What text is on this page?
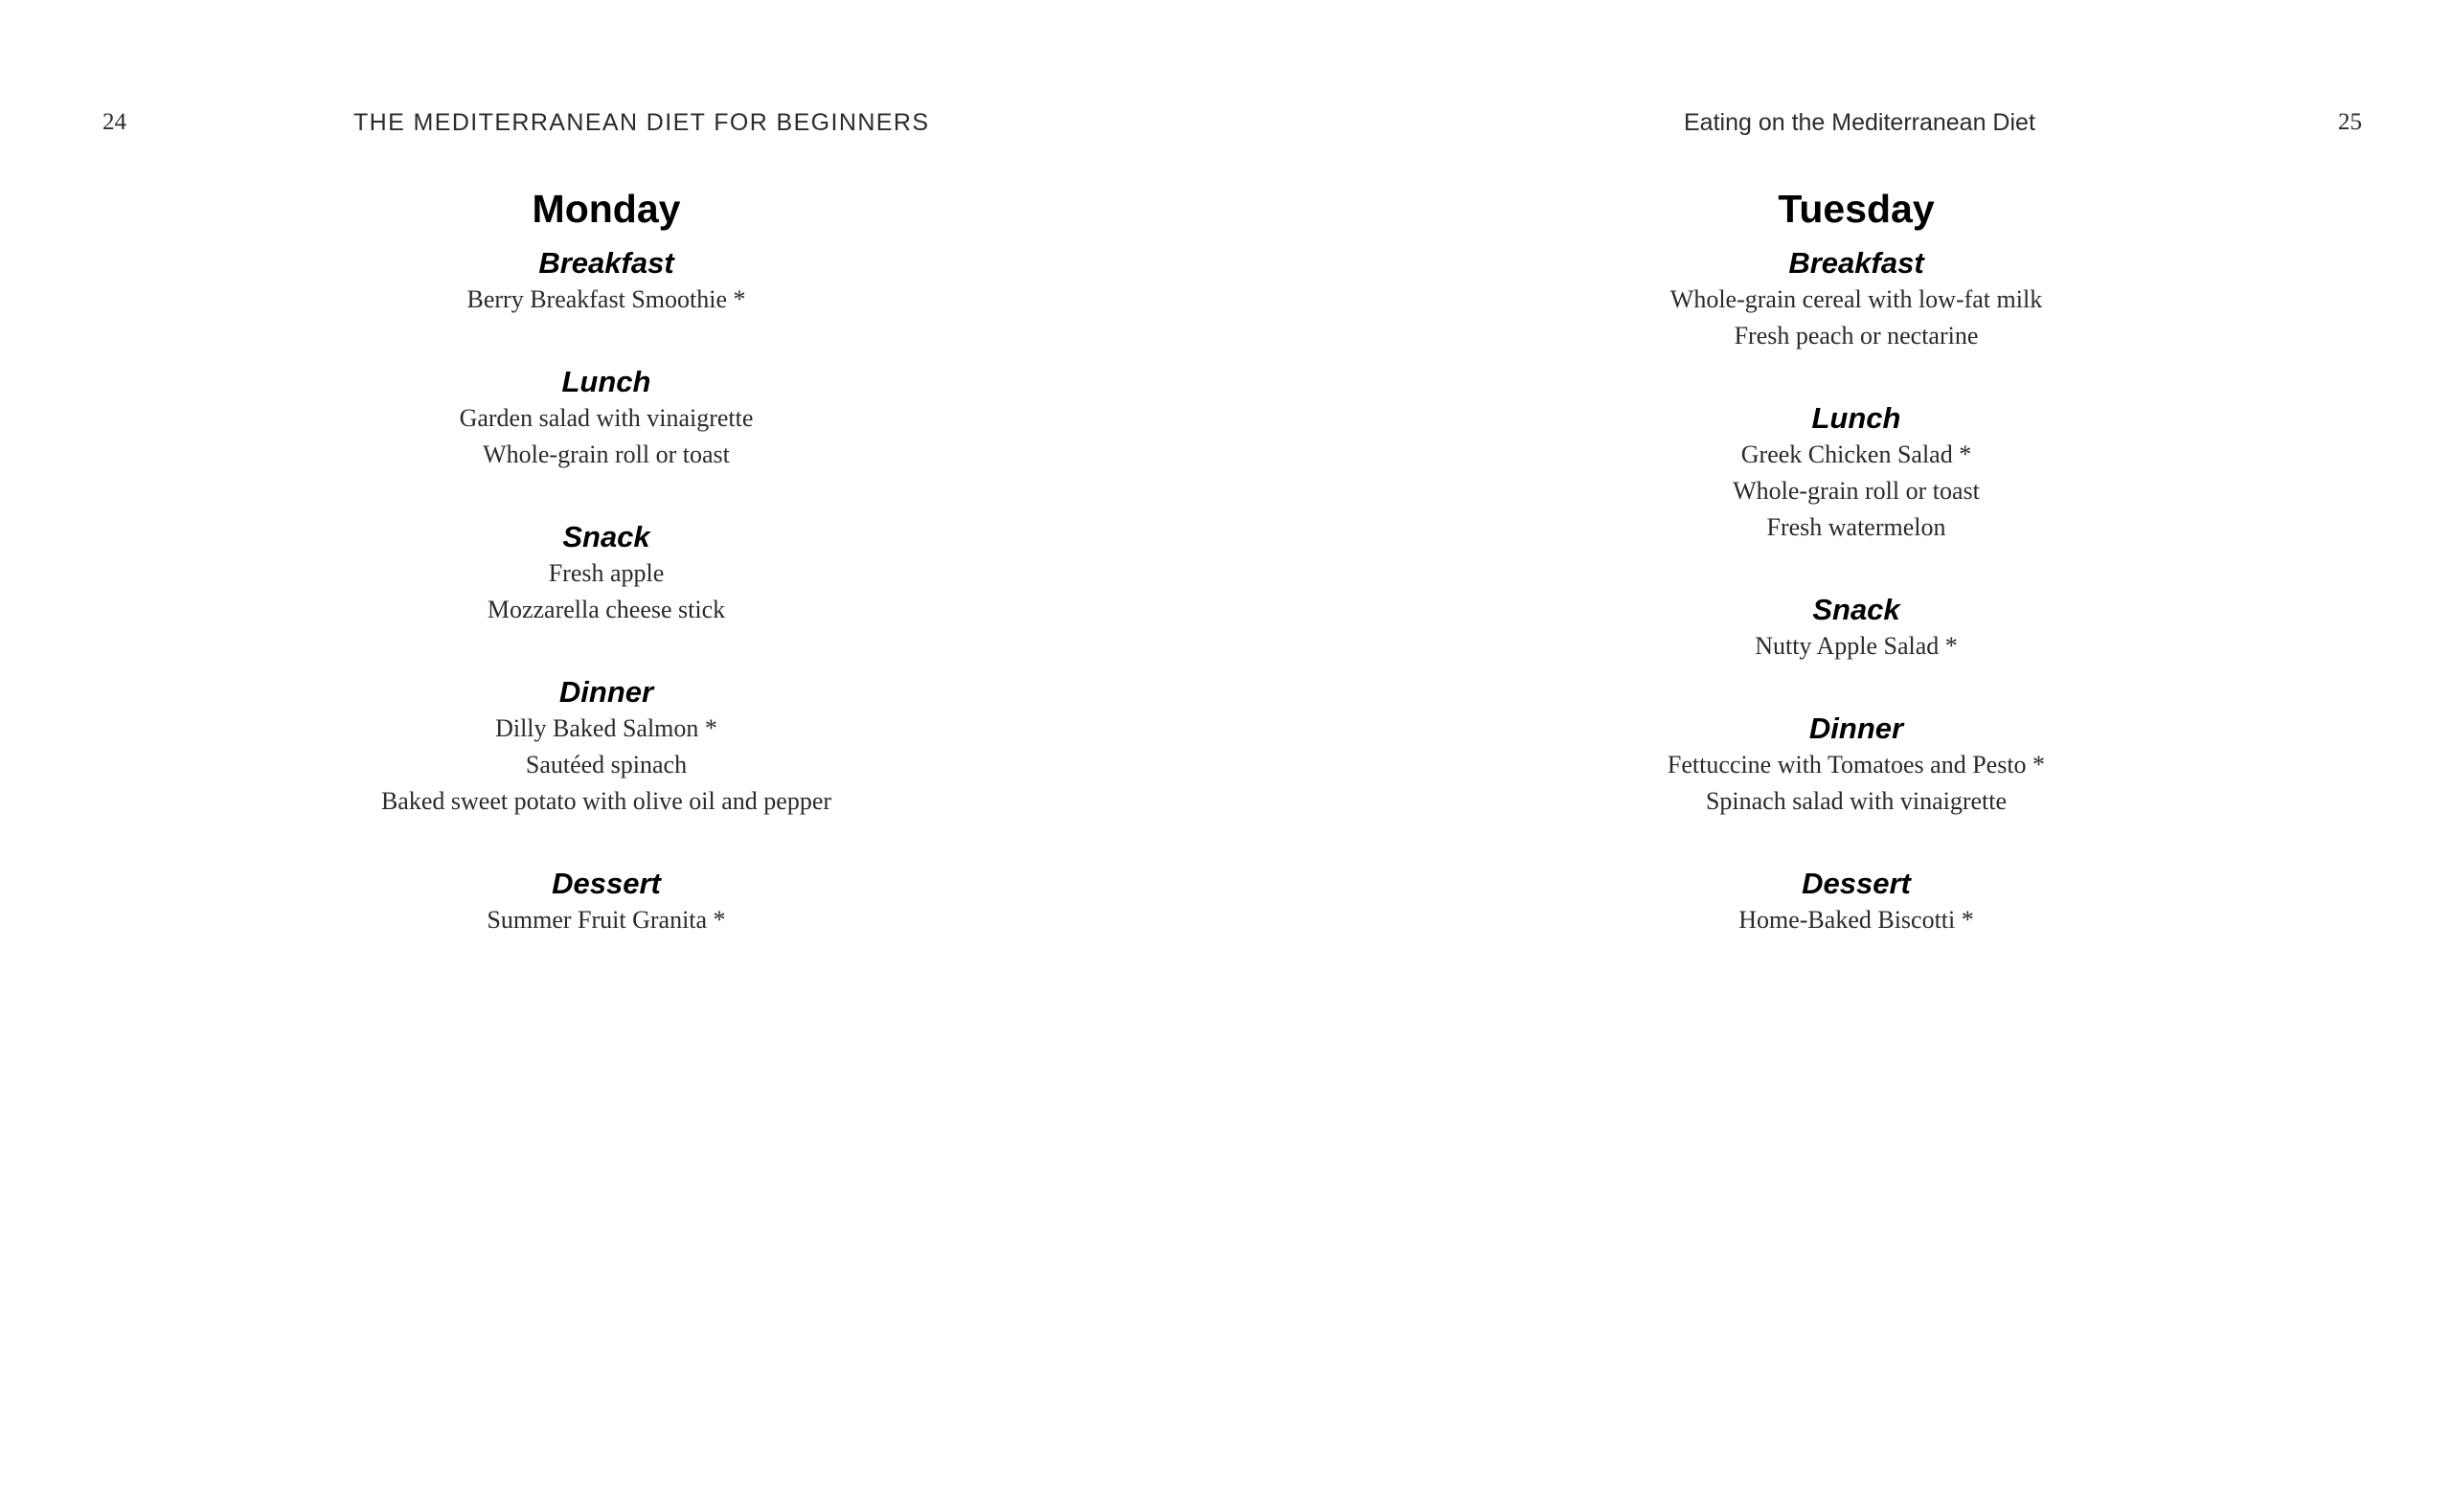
24	THE MEDITERRANEAN DIET FOR BEGINNERS	Eating on the Mediterranean Diet	25
Monday

Breakfast

Berry Breakfast Smoothie *

Lunch

Garden salad with vinaigrette

Whole-grain roll or toast

Snack

Fresh apple

Mozzarella cheese stick

Dinner

Dilly Baked Salmon *

Sautéed spinach

Baked sweet potato with olive oil and pepper

Dessert

Summer Fruit Granita *

Tuesday

Breakfast

Whole-grain cereal with low-fat milk

Fresh peach or nectarine

Lunch

Greek Chicken Salad *

Whole-grain roll or toast

Fresh watermelon

Snack

Nutty Apple Salad *

Dinner

Fettuccine with Tomatoes and Pesto *

Spinach salad with vinaigrette

Dessert

Home-Baked Biscotti *
